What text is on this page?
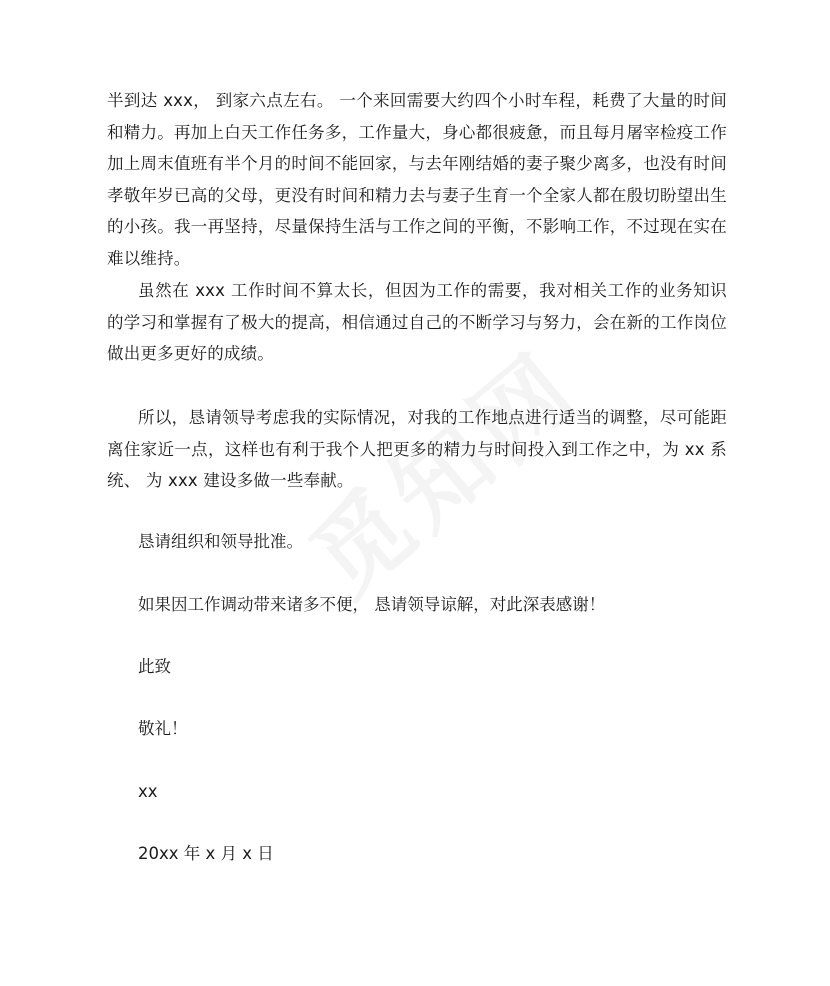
半到达 xxx， 到家六点左右。 一个来回需要大约四个小时车程，耗费了大量的时间和精力。再加上白天工作任务多，工作量大，身心都很疲惫，而且每月屠宰检疫工作加上周末值班有半个月的时间不能回家，与去年刚结婚的妻子聚少离多，也没有时间孝敬年岁已高的父母，更没有时间和精力去与妻子生育一个全家人都在殷切盼望出生的小孩。我一再坚持，尽量保持生活与工作之间的平衡，不影响工作，不过现在实在难以维持。

虽然在 xxx 工作时间不算太长，但因为工作的需要，我对相关工作的业务知识的学习和掌握有了极大的提高，相信通过自己的不断学习与努力，会在新的工作岗位做出更多更好的成绩。

所以，恳请领导考虑我的实际情况，对我的工作地点进行适当的调整，尽可能距离住家近一点，这样也有利于我个人把更多的精力与时间投入到工作之中，为 xx 系统、 为 xxx 建设多做一些奉献。

恳请组织和领导批准。

如果因工作调动带来诸多不便， 恳请领导谅解，对此深表感谢！

此致

敬礼！

xx

20xx 年 x 月 x 日
